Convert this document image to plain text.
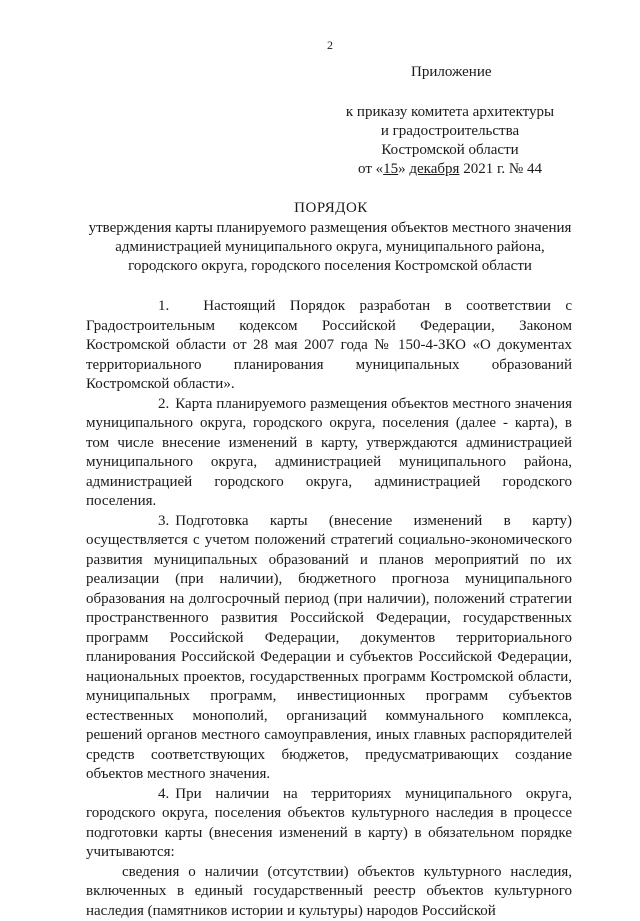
2
Приложение
к приказу комитета архитектуры
и градостроительства
Костромской области
от «15» декабря 2021 г. № 44
ПОРЯДОК
утверждения карты планируемого размещения объектов местного значения
администрацией муниципального округа, муниципального района,
городского округа, городского поселения Костромской области

1. Настоящий Порядок разработан в соответствии с Градостроительным кодексом Российской Федерации, Законом Костромской области от 28 мая 2007 года № 150-4-ЗКО «О документах территориального планирования муниципальных образований Костромской области».

2. Карта планируемого размещения объектов местного значения муниципального округа, городского округа, поселения (далее - карта), в том числе внесение изменений в карту, утверждаются администрацией муниципального округа, администрацией муниципального района, администрацией городского округа, администрацией городского поселения.

3. Подготовка карты (внесение изменений в карту) осуществляется с учетом положений стратегий социально-экономического развития муниципальных образований и планов мероприятий по их реализации (при наличии), бюджетного прогноза муниципального образования на долгосрочный период (при наличии), положений стратегии пространственного развития Российской Федерации, государственных программ Российской Федерации, документов территориального планирования Российской Федерации и субъектов Российской Федерации, национальных проектов, государственных программ Костромской области, муниципальных программ, инвестиционных программ субъектов естественных монополий, организаций коммунального комплекса, решений органов местного самоуправления, иных главных распорядителей средств соответствующих бюджетов, предусматривающих создание объектов местного значения.

4. При наличии на территориях муниципального округа, городского округа, поселения объектов культурного наследия в процессе подготовки карты (внесения изменений в карту) в обязательном порядке учитываются:

сведения о наличии (отсутствии) объектов культурного наследия, включенных в единый государственный реестр объектов культурного наследия (памятников истории и культуры) народов Российской
